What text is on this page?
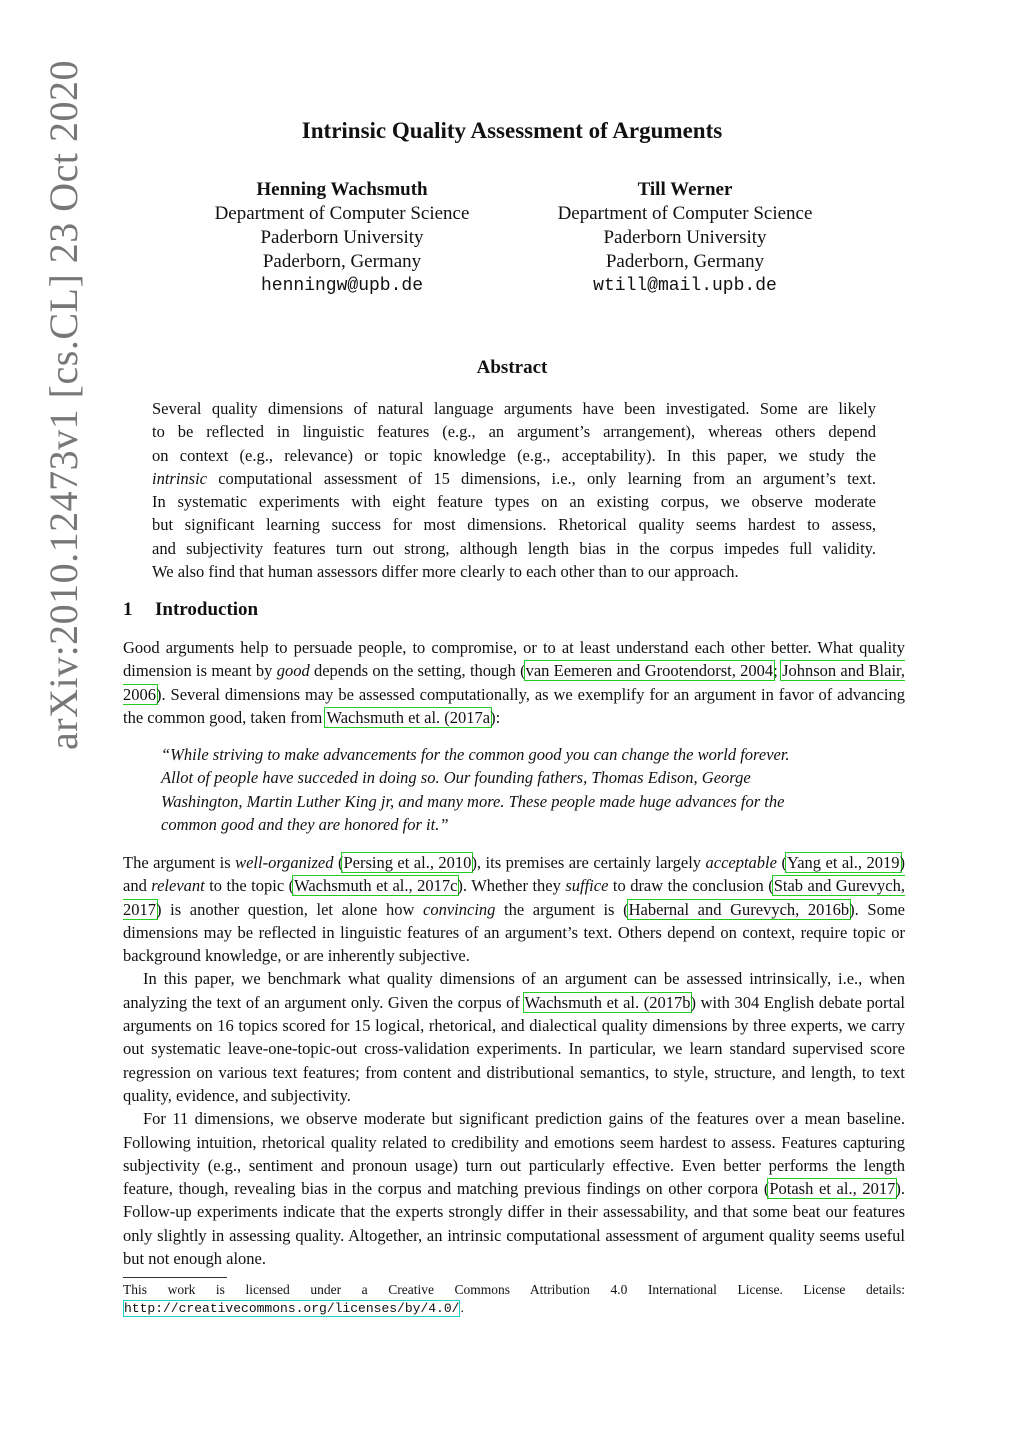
arXiv:2010.12473v1 [cs.CL] 23 Oct 2020	Intrinsic Quality Assessment of Arguments
Henning Wachsmuth
Department of Computer Science
Paderborn University
Paderborn, Germany
henningw@upb.de
Till Werner
Department of Computer Science
Paderborn University
Paderborn, Germany
wtill@mail.upb.de
Abstract
Several quality dimensions of natural language arguments have been investigated. Some are likely
to be reflected in linguistic features (e.g., an argument’s arrangement), whereas others depend
on context (e.g., relevance) or topic knowledge (e.g., acceptability). In this paper, we study the
intrinsic computational assessment of 15 dimensions, i.e., only learning from an argument’s text.
In systematic experiments with eight feature types on an existing corpus, we observe moderate
but significant learning success for most dimensions. Rhetorical quality seems hardest to assess,
and subjectivity features turn out strong, although length bias in the corpus impedes full validity.
We also find that human assessors differ more clearly to each other than to our approach.
1 Introduction
Good arguments help to persuade people, to compromise, or to at least understand each other better. What quality dimension is meant by good depends on the setting, though (van Eemeren and Grootendorst, 2004; Johnson and Blair, 2006). Several dimensions may be assessed computationally, as we exemplify for an argument in favor of advancing the common good, taken from Wachsmuth et al. (2017a):
“While striving to make advancements for the common good you can change the world forever.
Allot of people have succeded in doing so. Our founding fathers, Thomas Edison, George
Washington, Martin Luther King jr, and many more. These people made huge advances for the
common good and they are honored for it.”
The argument is well-organized (Persing et al., 2010), its premises are certainly largely acceptable (Yang et al., 2019) and relevant to the topic (Wachsmuth et al., 2017c). Whether they suffice to draw the conclusion (Stab and Gurevych, 2017) is another question, let alone how convincing the argument is (Habernal and Gurevych, 2016b). Some dimensions may be reflected in linguistic features of an argument’s text. Others depend on context, require topic or background knowledge, or are inherently subjective.
In this paper, we benchmark what quality dimensions of an argument can be assessed intrinsically, i.e., when analyzing the text of an argument only. Given the corpus of Wachsmuth et al. (2017b) with 304 English debate portal arguments on 16 topics scored for 15 logical, rhetorical, and dialectical quality dimensions by three experts, we carry out systematic leave-one-topic-out cross-validation experiments. In particular, we learn standard supervised score regression on various text features; from content and distributional semantics, to style, structure, and length, to text quality, evidence, and subjectivity.
For 11 dimensions, we observe moderate but significant prediction gains of the features over a mean baseline. Following intuition, rhetorical quality related to credibility and emotions seem hardest to assess. Features capturing subjectivity (e.g., sentiment and pronoun usage) turn out particularly effective. Even better performs the length feature, though, revealing bias in the corpus and matching previous findings on other corpora (Potash et al., 2017). Follow-up experiments indicate that the experts strongly differ in their assessability, and that some beat our features only slightly in assessing quality. Altogether, an intrinsic computational assessment of argument quality seems useful but not enough alone.
This work is licensed under a Creative Commons Attribution 4.0 International License. License details: http://creativecommons.org/licenses/by/4.0/.
